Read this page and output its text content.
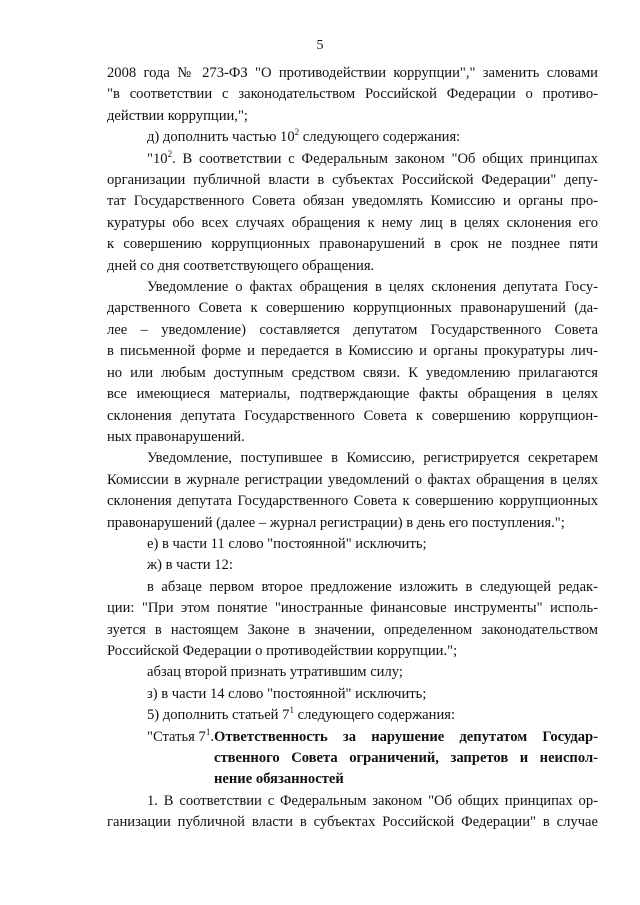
5

2008 года № 273-ФЗ "О противодействии коррупции"," заменить словами

"в соответствии с законодательством Российской Федерации о противо-

действии коррупции,";

д) дополнить частью $10^2$ следующего содержания:

"$10^2$. В соответствии с Федеральным законом "Об общих принципах

организации публичной власти в субъектах Российской Федерации" депу-

тат Государственного Совета обязан уведомлять Комиссию и органы про-

куратуры обо всех случаях обращения к нему лиц в целях склонения его

к совершению коррупционных правонарушений в срок не позднее пяти

дней со дня соответствующего обращения.

Уведомление о фактах обращения в целях склонения депутата Госу-

дарственного Совета к совершению коррупционных правонарушений (да-

лее – уведомление) составляется депутатом Государственного Совета

в письменной форме и передается в Комиссию и органы прокуратуры лич-

но или любым доступным средством связи. К уведомлению прилагаются

все имеющиеся материалы, подтверждающие факты обращения в целях

склонения депутата Государственного Совета к совершению коррупцион-

ных правонарушений.

Уведомление, поступившее в Комиссию, регистрируется секретарем

Комиссии в журнале регистрации уведомлений о фактах обращения в целях

склонения депутата Государственного Совета к совершению коррупционных

правонарушений (далее – журнал регистрации) в день его поступления.";

е) в части 11 слово "постоянной" исключить;

ж) в части 12:

в абзаце первом второе предложение изложить в следующей редак-

ции: "При этом понятие "иностранные финансовые инструменты" исполь-

зуется в настоящем Законе в значении, определенном законодательством

Российской Федерации о противодействии коррупции.";

абзац второй признать утратившим силу;

з) в части 14 слово "постоянной" исключить;

5) дополнить статьей $7^1$ следующего содержания:

"Статья $7^1$. Ответственность за нарушение депутатом Государ-
ственного Совета ограничений, запретов и неиспол-
нение обязанностей

1. В соответствии с Федеральным законом "Об общих принципах ор-

ганизации публичной власти в субъектах Российской Федерации" в случае
